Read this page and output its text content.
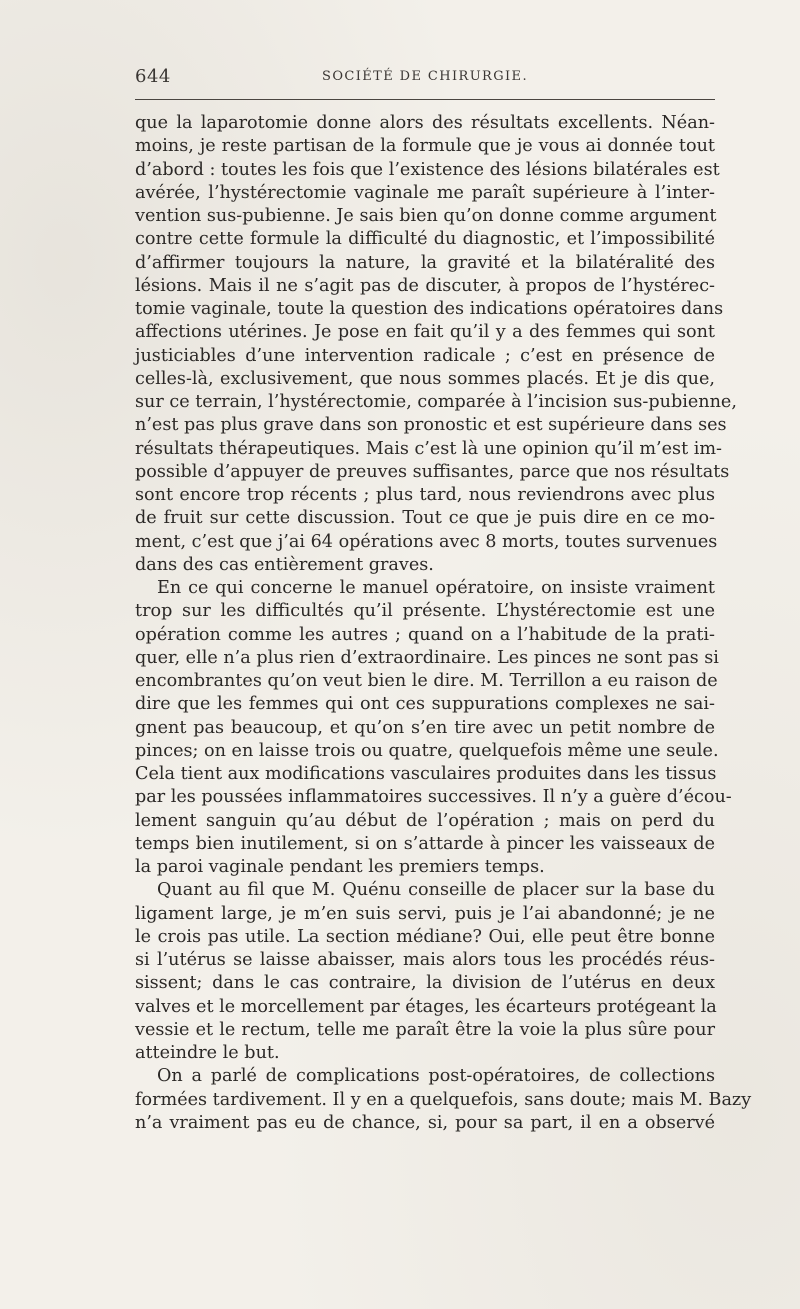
644	SOCIÉTÉ DE CHIRURGIE.
que la laparotomie donne alors des résultats excellents. Néan-
moins, je reste partisan de la formule que je vous ai donnée tout
d’abord : toutes les fois que l’existence des lésions bilatérales est
avérée, l’hystérectomie vaginale me paraît supérieure à l’inter-
vention sus-pubienne. Je sais bien qu’on donne comme argument
contre cette formule la difficulté du diagnostic, et l’impossibilité
d’affirmer toujours la nature, la gravité et la bilatéralité des
lésions. Mais il ne s’agit pas de discuter, à propos de l’hystérec-
tomie vaginale, toute la question des indications opératoires dans
affections utérines. Je pose en fait qu’il y a des femmes qui sont
justiciables d’une intervention radicale ; c’est en présence de
celles-là, exclusivement, que nous sommes placés. Et je dis que,
sur ce terrain, l’hystérectomie, comparée à l’incision sus-pubienne,
n’est pas plus grave dans son pronostic et est supérieure dans ses
résultats thérapeutiques. Mais c’est là une opinion qu’il m’est im-
possible d’appuyer de preuves suffisantes, parce que nos résultats
sont encore trop récents ; plus tard, nous reviendrons avec plus
de fruit sur cette discussion. Tout ce que je puis dire en ce mo-
ment, c’est que j’ai 64 opérations avec 8 morts, toutes survenues
dans des cas entièrement graves.
En ce qui concerne le manuel opératoire, on insiste vraiment
trop sur les difficultés qu’il présente. L’hystérectomie est une
opération comme les autres ; quand on a l’habitude de la prati-
quer, elle n’a plus rien d’extraordinaire. Les pinces ne sont pas si
encombrantes qu’on veut bien le dire. M. Terrillon a eu raison de
dire que les femmes qui ont ces suppurations complexes ne sai-
gnent pas beaucoup, et qu’on s’en tire avec un petit nombre de
pinces; on en laisse trois ou quatre, quelquefois même une seule.
Cela tient aux modifications vasculaires produites dans les tissus
par les poussées inflammatoires successives. Il n’y a guère d’écou-
lement sanguin qu’au début de l’opération ; mais on perd du
temps bien inutilement, si on s’attarde à pincer les vaisseaux de
la paroi vaginale pendant les premiers temps.
Quant au fil que M. Quénu conseille de placer sur la base du
ligament large, je m’en suis servi, puis je l’ai abandonné; je ne
le crois pas utile. La section médiane? Oui, elle peut être bonne
si l’utérus se laisse abaisser, mais alors tous les procédés réus-
sissent; dans le cas contraire, la division de l’utérus en deux
valves et le morcellement par étages, les écarteurs protégeant la
vessie et le rectum, telle me paraît être la voie la plus sûre pour
atteindre le but.
On a parlé de complications post-opératoires, de collections
formées tardivement. Il y en a quelquefois, sans doute; mais M. Bazy
n’a vraiment pas eu de chance, si, pour sa part, il en a observé
